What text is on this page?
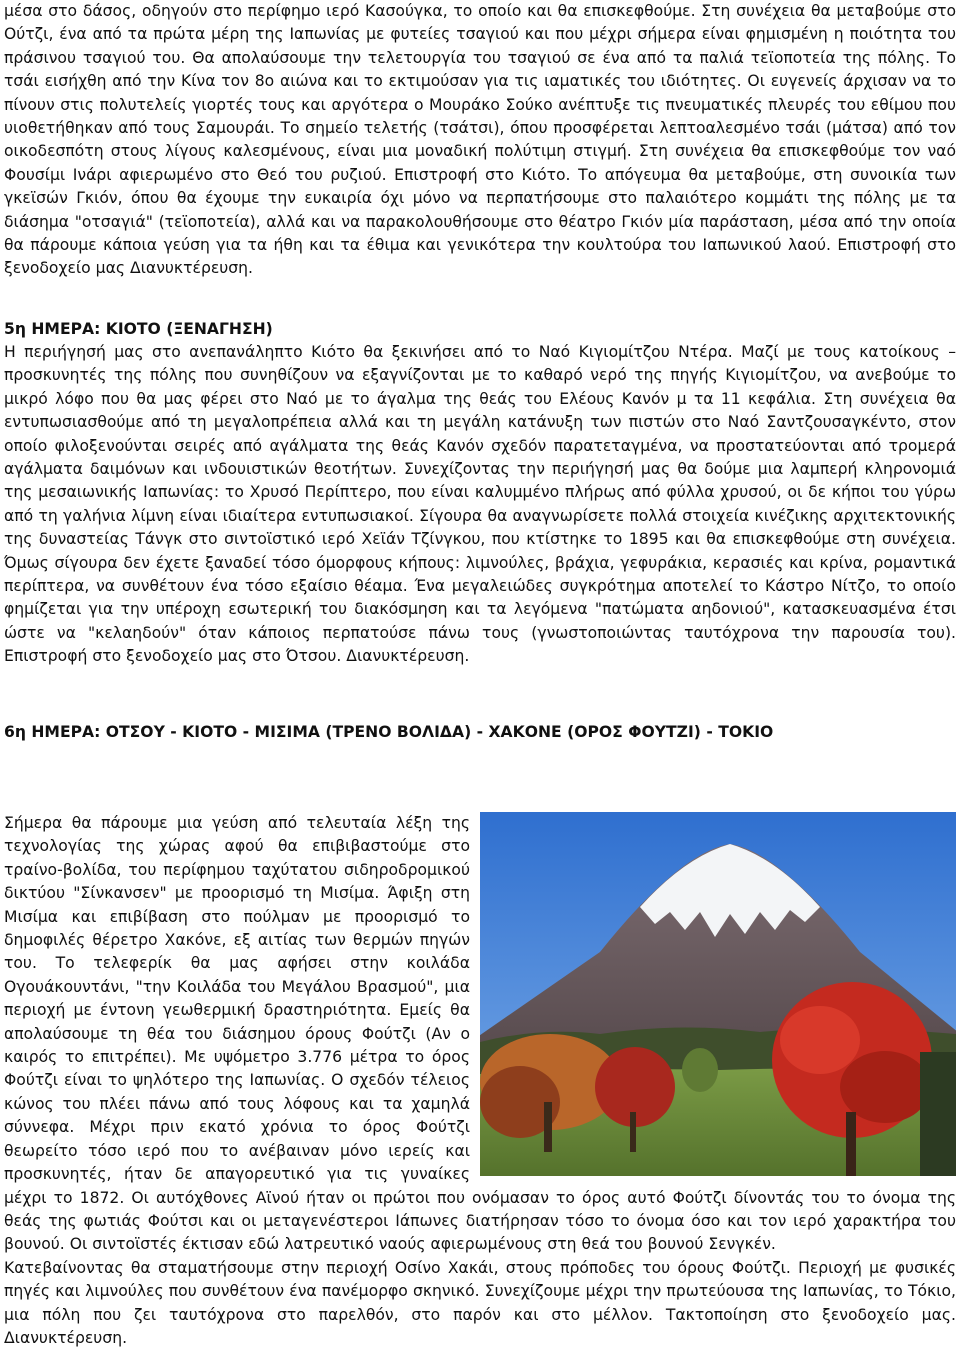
μέσα στο δάσος, οδηγούν στο περίφημο ιερό Κασούγκα, το οποίο και θα επισκεφθούμε. Στη συνέχεια θα μεταβούμε στο Ούτζι, ένα από τα πρώτα μέρη της Ιαπωνίας με φυτείες τσαγιού και που μέχρι σήμερα είναι φημισμένη η ποιότητα του πράσινου τσαγιού του. Θα απολαύσουμε την τελετουργία του τσαγιού σε ένα από τα παλιά τεϊοποτεία της πόλης. Το τσάι εισήχθη από την Κίνα τον 8ο αιώνα και το εκτιμούσαν για τις ιαματικές του ιδιότητες. Οι ευγενείς άρχισαν να το πίνουν στις πολυτελείς γιορτές τους και αργότερα ο Μουράκο Σούκο ανέπτυξε τις πνευματικές πλευρές του εθίμου που υιοθετήθηκαν από τους Σαμουράι. Το σημείο τελετής (τσάτσι), όπου προσφέρεται λεπτοαλεσμένο τσάι (μάτσα) από τον οικοδεσπότη στους λίγους καλεσμένους, είναι μια μοναδική πολύτιμη στιγμή. Στη συνέχεια θα επισκεφθούμε τον ναό Φουσίμι Ινάρι αφιερωμένο στο Θεό του ρυζιού. Επιστροφή στο Κιότο. Το απόγευμα θα μεταβούμε, στη συνοικία των γκεϊσών Γκιόν, όπου θα έχουμε την ευκαιρία όχι μόνο να περπατήσουμε στο παλαιότερο κομμάτι της πόλης με τα διάσημα "οτσαγιά" (τεϊοποτεία), αλλά και να παρακολουθήσουμε στο θέατρο Γκιόν μία παράσταση, μέσα από την οποία θα πάρουμε κάποια γεύση για τα ήθη και τα έθιμα και γενικότερα την κουλτούρα του Ιαπωνικού λαού. Επιστροφή στο ξενοδοχείο μας Διανυκτέρευση.

5η ΗΜΕΡΑ: ΚΙΟΤΟ (ΞΕΝΑΓΗΣΗ)

Η περιήγησή μας στο ανεπανάληπτο Κιότο θα ξεκινήσει από το Ναό Κιγιομίτζου Ντέρα. Μαζί με τους κατοίκους – προσκυνητές της πόλης που συνηθίζουν να εξαγνίζονται με το καθαρό νερό της πηγής Κιγιομίτζου, να ανεβούμε το μικρό λόφο που θα μας φέρει στο Ναό με το άγαλμα της θεάς του Ελέους Κανόν μ τα 11 κεφάλια. Στη συνέχεια θα εντυπωσιασθούμε από τη μεγαλοπρέπεια αλλά και τη μεγάλη κατάνυξη των πιστών στο Ναό Σαντζουσαγκέντο, στον οποίο φιλοξενούνται σειρές από αγάλματα της θεάς Κανόν σχεδόν παρατεταγμένα, να προστατεύονται από τρομερά αγάλματα δαιμόνων και ινδουιστικών θεοτήτων. Συνεχίζοντας την περιήγησή μας θα δούμε μια λαμπερή κληρονομιά της μεσαιωνικής Ιαπωνίας: το Χρυσό Περίπτερο, που είναι καλυμμένο πλήρως από φύλλα χρυσού, οι δε κήποι του γύρω από τη γαλήνια λίμνη είναι ιδιαίτερα εντυπωσιακοί. Σίγουρα θα αναγνωρίσετε πολλά στοιχεία κινέζικης αρχιτεκτονικής της δυναστείας Τάνγκ στο σιντοϊστικό ιερό Χεϊάν Τζίνγκου, που κτίστηκε το 1895 και θα επισκεφθούμε στη συνέχεια. Όμως σίγουρα δεν έχετε ξαναδεί τόσο όμορφους κήπους: λιμνούλες, βράχια, γεφυράκια, κερασιές και κρίνα, ρομαντικά περίπτερα, να συνθέτουν ένα τόσο εξαίσιο θέαμα. Ένα μεγαλειώδες συγκρότημα αποτελεί το Κάστρο Νίτζο, το οποίο φημίζεται για την υπέροχη εσωτερική του διακόσμηση και τα λεγόμενα "πατώματα αηδονιού", κατασκευασμένα έτσι ώστε να "κελαηδούν" όταν κάποιος περπατούσε πάνω τους (γνωστοποιώντας ταυτόχρονα την παρουσία του). Επιστροφή στο ξενοδοχείο μας στο Ότσου. Διανυκτέρευση.

6η ΗΜΕΡΑ: ΟΤΣΟΥ - ΚΙΟΤΟ - ΜΙΣΙΜΑ (ΤΡΕΝΟ ΒΟΛΙΔΑ) - ΧΑΚΟΝΕ (ΟΡΟΣ ΦΟΥΤΖΙ) - ΤΟΚΙΟ

Σήμερα θα πάρουμε μια γεύση από τελευταία λέξη της τεχνολογίας της χώρας αφού θα επιβιβαστούμε στο τραίνο-βολίδα, του περίφημου ταχύτατου σιδηροδρομικού δικτύου "Σίνκανσεν" με προορισμό τη Μισίμα. Άφιξη στη Μισίμα και επιβίβαση στο πούλμαν με προορισμό το δημοφιλές θέρετρο Χακόνε, εξ αιτίας των θερμών πηγών του. Το τελεφερίκ θα μας αφήσει στην κοιλάδα Ογουάκουντάνι, "την Κοιλάδα του Μεγάλου Βρασμού", μια περιοχή με έντονη γεωθερμική δραστηριότητα. Εμείς θα απολαύσουμε τη θέα του διάσημου όρους Φούτζι (Αν ο καιρός το επιτρέπει). Με υψόμετρο 3.776 μέτρα το όρος Φούτζι είναι το ψηλότερο της Ιαπωνίας. Ο σχεδόν τέλειος κώνος του πλέει πάνω από τους λόφους και τα χαμηλά σύννεφα. Μέχρι πριν εκατό χρόνια το όρος Φούτζι θεωρείτο τόσο ιερό που το ανέβαιναν μόνο ιερείς και προσκυνητές, ήταν δε απαγορευτικό για τις γυναίκες μέχρι το 1872. Οι αυτόχθονες Αϊνού ήταν οι πρώτοι που ονόμασαν το όρος αυτό Φούτζι δίνοντάς του το όνομα της θεάς της φωτιάς Φούτσι και οι μεταγενέστεροι Ιάπωνες διατήρησαν τόσο το όνομα όσο και τον ιερό χαρακτήρα του βουνού. Οι σιντοϊστές έκτισαν εδώ λατρευτικό ναούς αφιερωμένους στη θεά του βουνού Σενγκέν.
Κατεβαίνοντας θα σταματήσουμε στην περιοχή Οσίνο Χακάι, στους πρόποδες του όρους Φούτζι. Περιοχή με φυσικές πηγές και λιμνούλες που συνθέτουν ένα πανέμορφο σκηνικό. Συνεχίζουμε μέχρι την πρωτεύουσα της Ιαπωνίας, το Τόκιο, μια πόλη που ζει ταυτόχρονα στο παρελθόν, στο παρόν και στο μέλλον. Τακτοποίηση στο ξενοδοχείο μας. Διανυκτέρευση.
